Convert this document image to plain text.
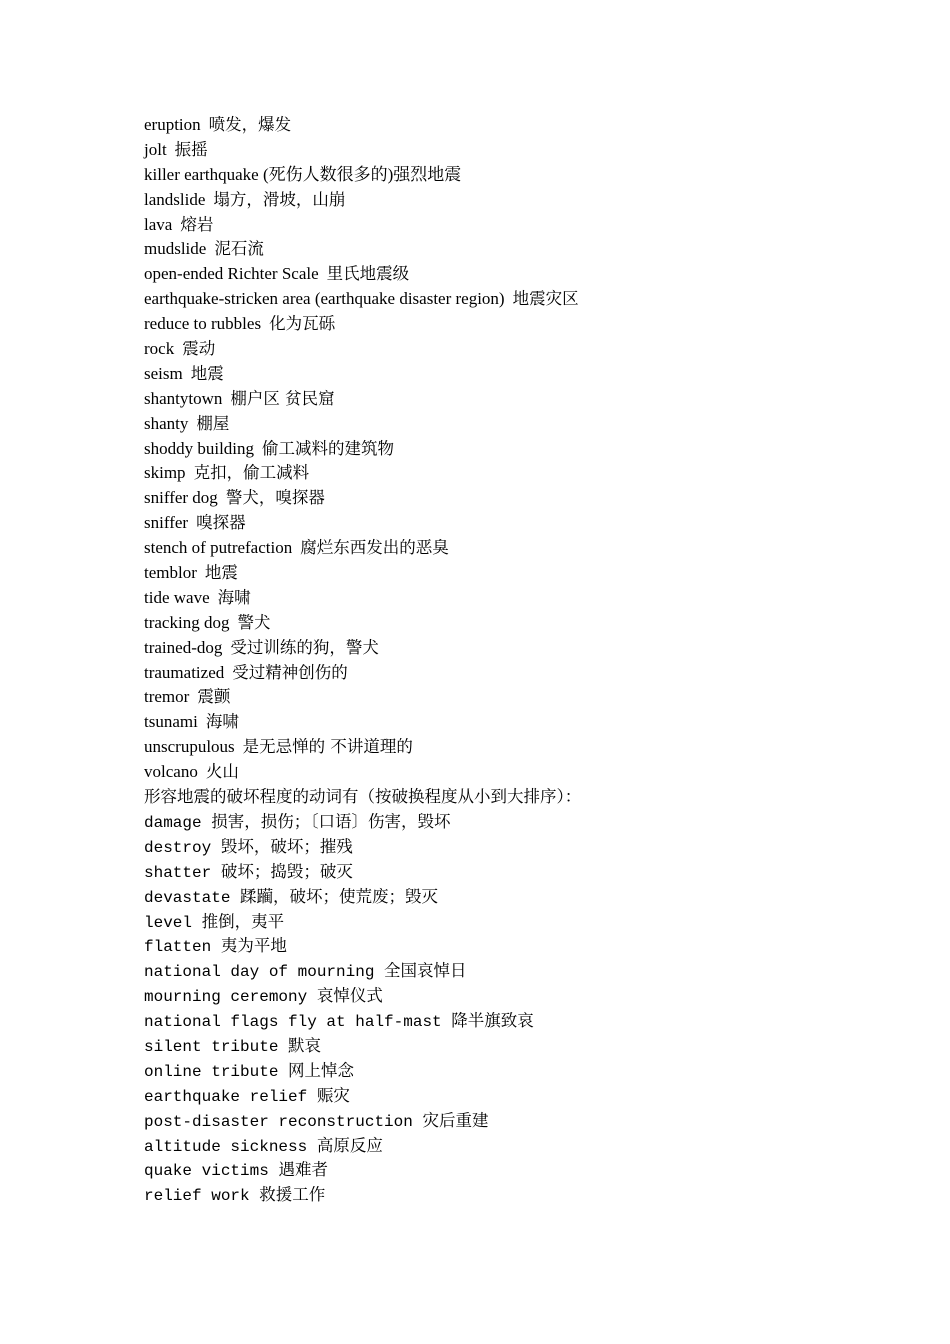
eruption 喷发，爆发
jolt 振摇
killer earthquake (死伤人数很多的)强烈地震
landslide 塌方，滑坡，山崩
lava 熔岩
mudslide 泥石流
open-ended Richter Scale 里氏地震级
earthquake-stricken area (earthquake disaster region) 地震灾区
reduce to rubbles 化为瓦砾
rock 震动
seism 地震
shantytown 棚户区 贫民窟
shanty 棚屋
shoddy building 偷工减料的建筑物
skimp 克扣，偷工减料
sniffer dog 警犬，嗅探器
sniffer 嗅探器
stench of putrefaction 腐烂东西发出的恶臭
temblor 地震
tide wave 海啸
tracking dog 警犬
trained-dog 受过训练的狗，警犬
traumatized 受过精神创伤的
tremor 震颤
tsunami 海啸
unscrupulous 是无忌惮的 不讲道理的
volcano 火山
形容地震的破坏程度的动词有（按破换程度从小到大排序）：
damage 损害，损伤；〔口语〕伤害，毁坏
destroy 毁坏，破坏；摧残
shatter 破坏；捣毁；破灭
devastate 蹂躏，破坏；使荒废；毁灭
level 推倒，夷平
flatten 夷为平地
national day of mourning 全国哀悼日
mourning ceremony 哀悼仪式
national flags fly at half-mast 降半旗致哀
silent tribute 默哀
online tribute 网上悼念
earthquake relief 赈灾
post-disaster reconstruction 灾后重建
altitude sickness 高原反应
quake victims 遇难者
relief work 救援工作
